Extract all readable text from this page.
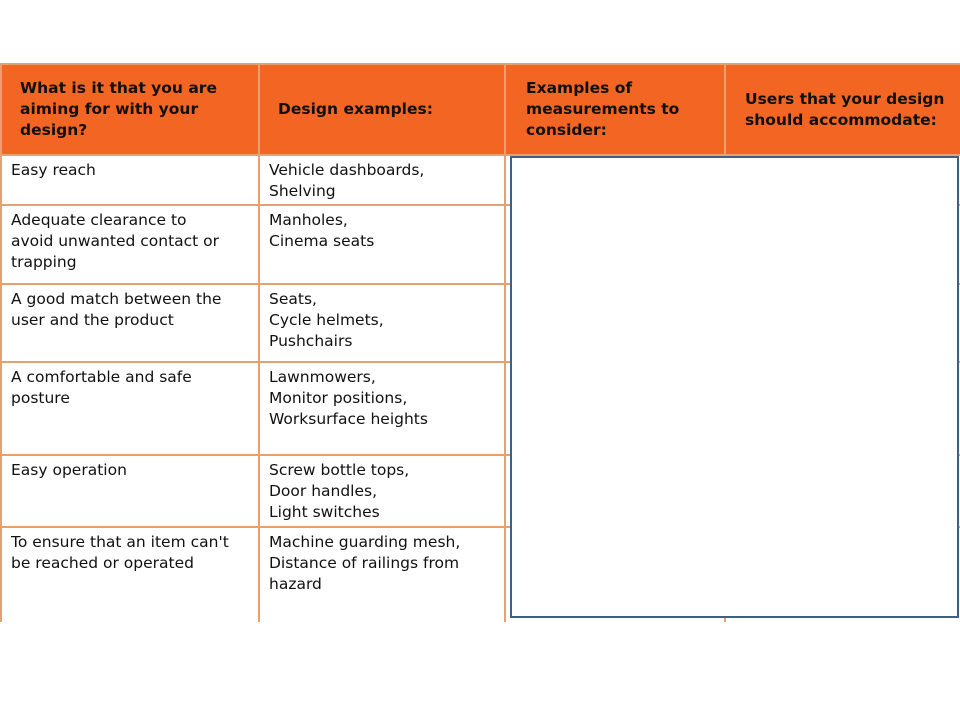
What is it that you are
aiming for with your
design?
Design examples:
Examples of
measurements to
consider:
Users that your design
should accommodate:
Easy reach	Vehicle dashboards,
Shelving
Adequate clearance to
avoid unwanted contact or
trapping
Manholes,
Cinema seats
A good match between the
user and the product
Seats,
Cycle helmets,
Pushchairs
A comfortable and safe
posture
Lawnmowers,
Monitor positions,
Worksurface heights
Easy operation	Screw bottle tops,
Door handles,
Light switches
To ensure that an item can't
be reached or operated
Machine guarding mesh,
Distance of railings from
hazard
